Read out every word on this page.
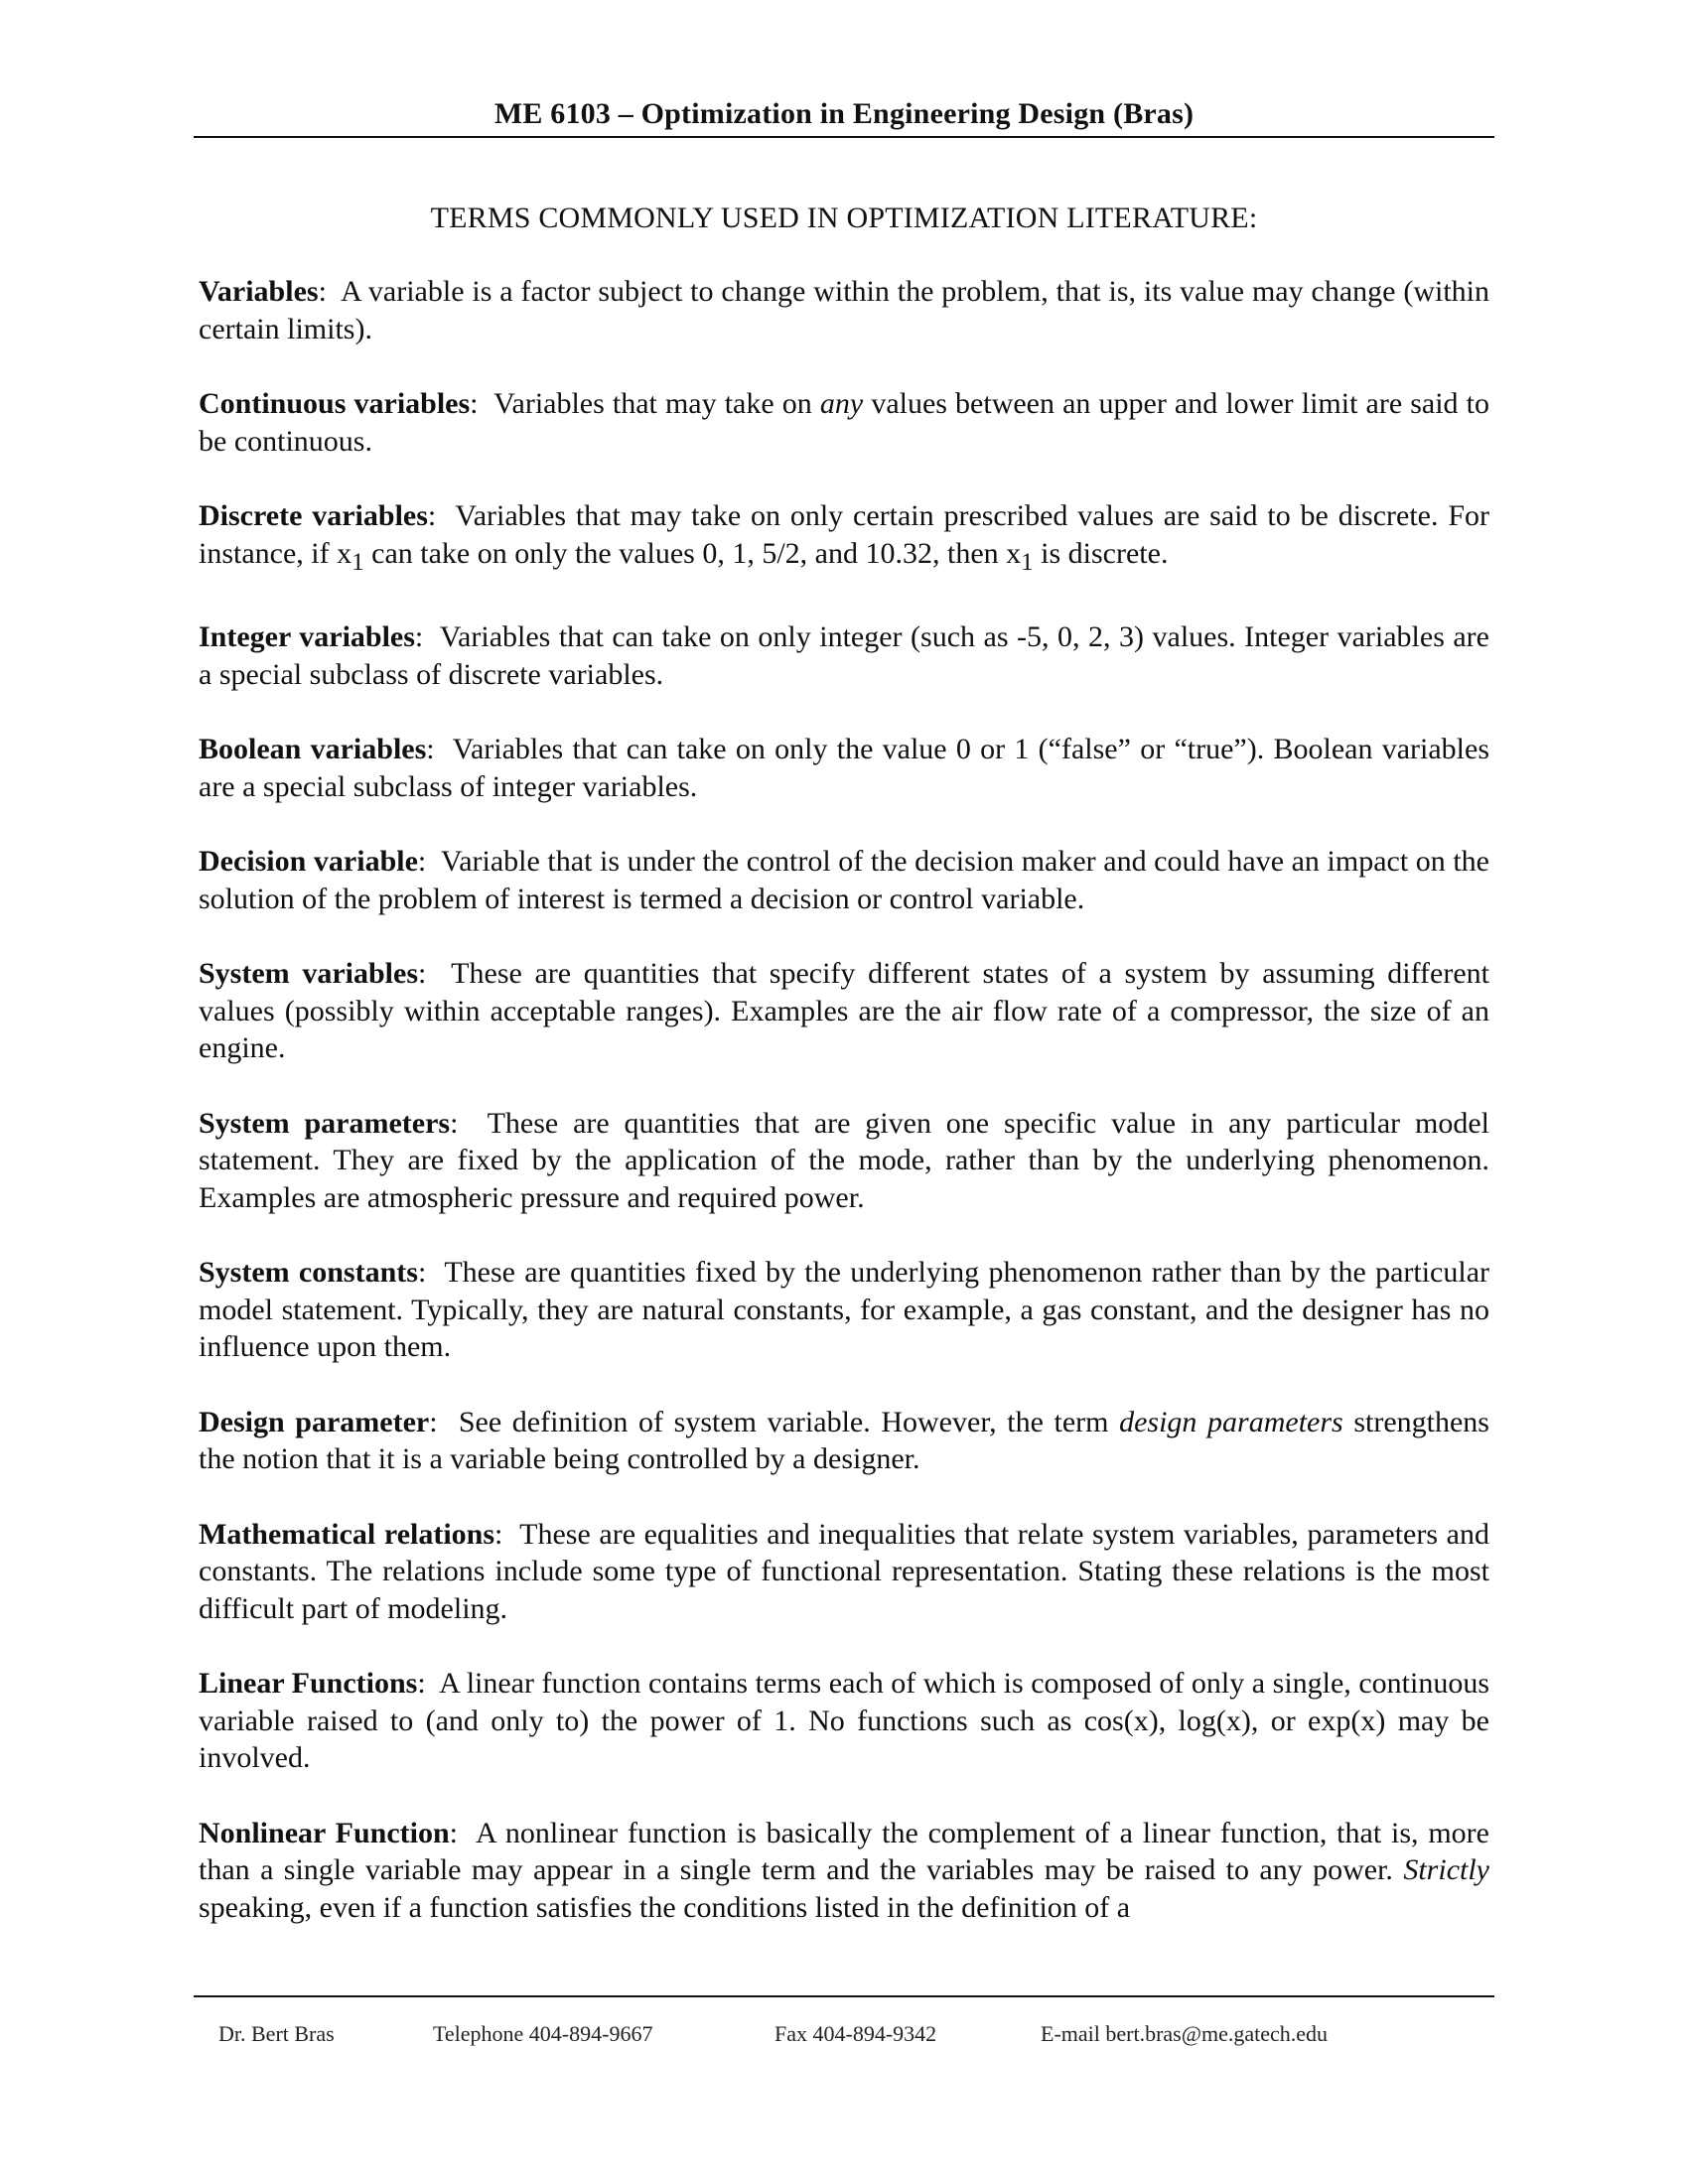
ME 6103 – Optimization in Engineering Design (Bras)
TERMS COMMONLY USED IN OPTIMIZATION LITERATURE:

Variables:  A variable is a factor subject to change within the problem, that is, its value may change (within certain limits).

Continuous variables:  Variables that may take on any values between an upper and lower limit are said to be continuous.

Discrete variables:  Variables that may take on only certain prescribed values are said to be discrete. For instance, if $x_1$ can take on only the values 0, 1, 5/2, and 10.32, then $x_1$ is discrete.

Integer variables:  Variables that can take on only integer (such as -5, 0, 2, 3) values. Integer variables are a special subclass of discrete variables.

Boolean variables:  Variables that can take on only the value 0 or 1 (“false” or “true”). Boolean variables are a special subclass of integer variables.

Decision variable:  Variable that is under the control of the decision maker and could have an impact on the solution of the problem of interest is termed a decision or control variable.

System variables:  These are quantities that specify different states of a system by assuming different values (possibly within acceptable ranges). Examples are the air flow rate of a compressor, the size of an engine.

System parameters:  These are quantities that are given one specific value in any particular model statement. They are fixed by the application of the mode, rather than by the underlying phenomenon. Examples are atmospheric pressure and required power.

System constants:  These are quantities fixed by the underlying phenomenon rather than by the particular model statement. Typically, they are natural constants, for example, a gas constant, and the designer has no influence upon them.

Design parameter:  See definition of system variable. However, the term design parameters strengthens the notion that it is a variable being controlled by a designer.

Mathematical relations:  These are equalities and inequalities that relate system variables, parameters and constants. The relations include some type of functional representation. Stating these relations is the most difficult part of modeling.

Linear Functions:  A linear function contains terms each of which is composed of only a single, continuous variable raised to (and only to) the power of 1. No functions such as cos(x), log(x), or exp(x) may be involved.

Nonlinear Function:  A nonlinear function is basically the complement of a linear function, that is, more than a single variable may appear in a single term and the variables may be raised to any power. Strictly speaking, even if a function satisfies the conditions listed in the definition of a

Dr. Bert Bras	Telephone 404-894-9667	Fax 404-894-9342	E-mail bert.bras@me.gatech.edu
